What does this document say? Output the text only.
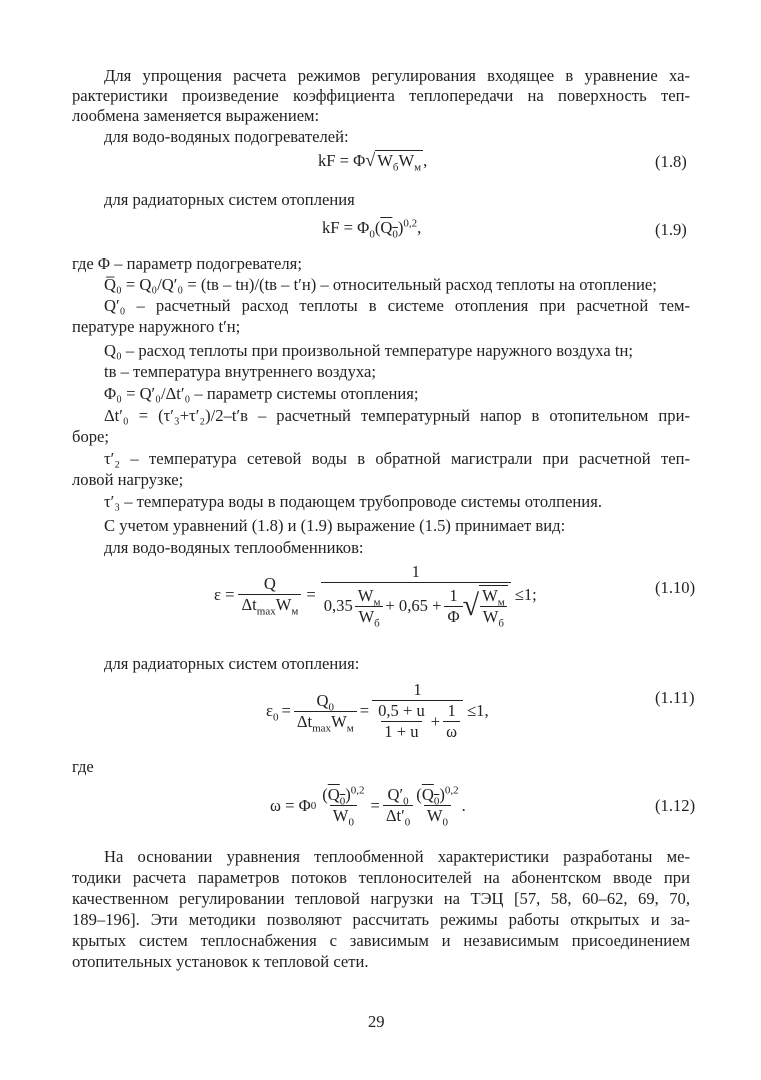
Для упрощения расчета режимов регулирования входящее в уравнение ха-
рактеристики произведение коэффициента теплопередачи на поверхность теп-
лообмена заменяется выражением:
для водо-водяных подогревателей:
kF = Φ√ $W_бW_м$ ,	(1.8)
для радиаторных систем отопления
kF = $\Phi_0(Q_0)^{0,2}$,	(1.9)
где Φ – параметр подогревателя;
Q̅₀ = Q₀/Q′₀ = (tв – tн)/(tв – t′н) – относительный расход теплоты на отопление;
Q′₀ – расчетный расход теплоты в системе отопления при расчетной тем-
пературе наружного t′н;
Q₀ – расход теплоты при произвольной температуре наружного воздуха tн;
tв – температура внутреннего воздуха;
Φ₀ = Q′₀/Δt′₀ – параметр системы отопления;
Δt′₀ = (τ′₃+τ′₂)/2–t′в – расчетный температурный напор в отопительном при-
боре;
τ′₂ – температура сетевой воды в обратной магистрали при расчетной теп-
ловой нагрузке;
τ′₃ – температура воды в подающем трубопроводе системы отолпения.
С учетом уравнений (1.8) и (1.9) выражение (1.5) принимает вид:
для водо-водяных теплообменников:
$\varepsilon = \frac{Q}{\Delta t_{max}W_м} = \frac{1}{0,35 \frac{W_м}{W_б} + 0,65 + \frac{1}{\Phi} √ \frac{W_м}{W_б}} \le 1$;	(1.10)
для радиаторных систем отопления:
$\varepsilon_0 = \frac{Q_0}{\Delta t_{max}W_м} = \frac{1}{\frac{0,5 + u}{1 + u} + \frac{1}{\omega}} \le 1$,
(1.11)
где
ω = Φ $0 \frac{(Q_0)^{0,2}}{W_0} = \frac{Q'_0}{\Delta t'_0} \frac{(Q_0)^{0,2}}{W_0}$ .	(1.12)
На основании уравнения теплообменной характеристики разработаны ме-
тодики расчета параметров потоков теплоносителей на абонентском вводе при
качественном регулировании тепловой нагрузки на ТЭЦ [57, 58, 60–62, 69, 70,
189–196]. Эти методики позволяют рассчитать режимы работы открытых и за-
крытых систем теплоснабжения с зависимым и независимым присоединением
отопительных установок к тепловой сети.
29
